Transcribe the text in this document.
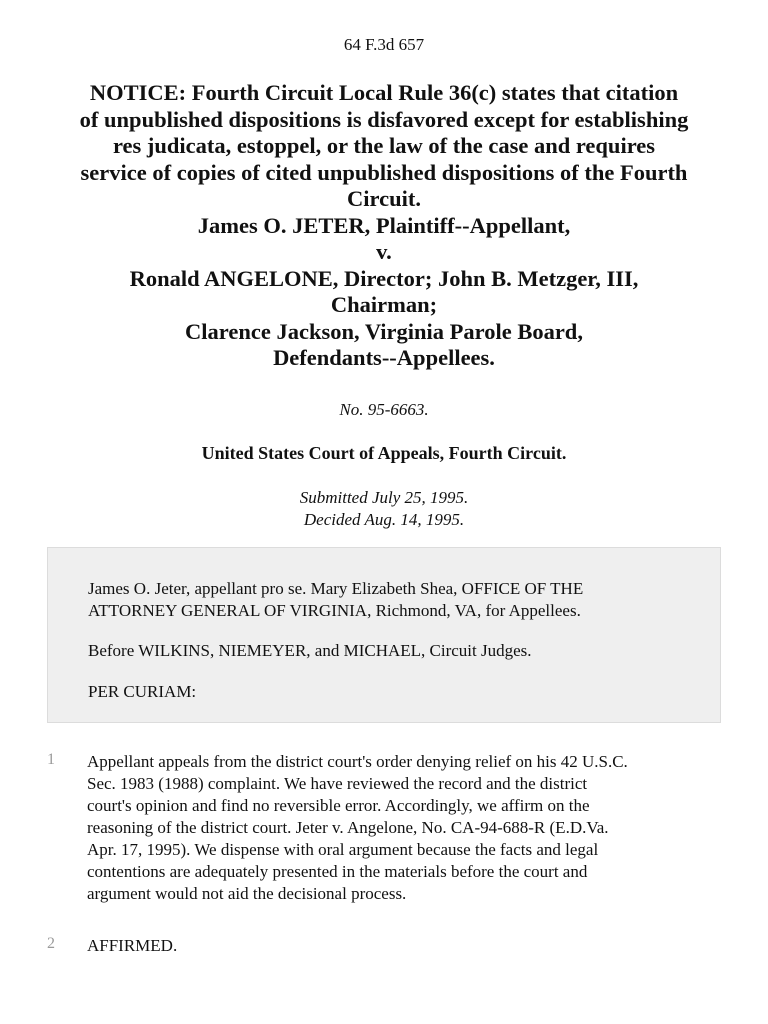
64 F.3d 657
NOTICE: Fourth Circuit Local Rule 36(c) states that citation
of unpublished dispositions is disfavored except for establishing
res judicata, estoppel, or the law of the case and requires
service of copies of cited unpublished dispositions of the Fourth
Circuit.
James O. JETER, Plaintiff--Appellant,
v.
Ronald ANGELONE, Director; John B. Metzger, III,
Chairman;
Clarence Jackson, Virginia Parole Board,
Defendants--Appellees.
No. 95-6663.
United States Court of Appeals, Fourth Circuit.
Submitted July 25, 1995.
Decided Aug. 14, 1995.

James O. Jeter, appellant pro se. Mary Elizabeth Shea, OFFICE OF THE
ATTORNEY GENERAL OF VIRGINIA, Richmond, VA, for Appellees.

Before WILKINS, NIEMEYER, and MICHAEL, Circuit Judges.

PER CURIAM:

1 Appellant appeals from the district court's order denying relief on his 42 U.S.C.
Sec. 1983 (1988) complaint. We have reviewed the record and the district
court's opinion and find no reversible error. Accordingly, we affirm on the
reasoning of the district court. Jeter v. Angelone, No. CA-94-688-R (E.D.Va.
Apr. 17, 1995). We dispense with oral argument because the facts and legal
contentions are adequately presented in the materials before the court and
argument would not aid the decisional process.
2 AFFIRMED.
